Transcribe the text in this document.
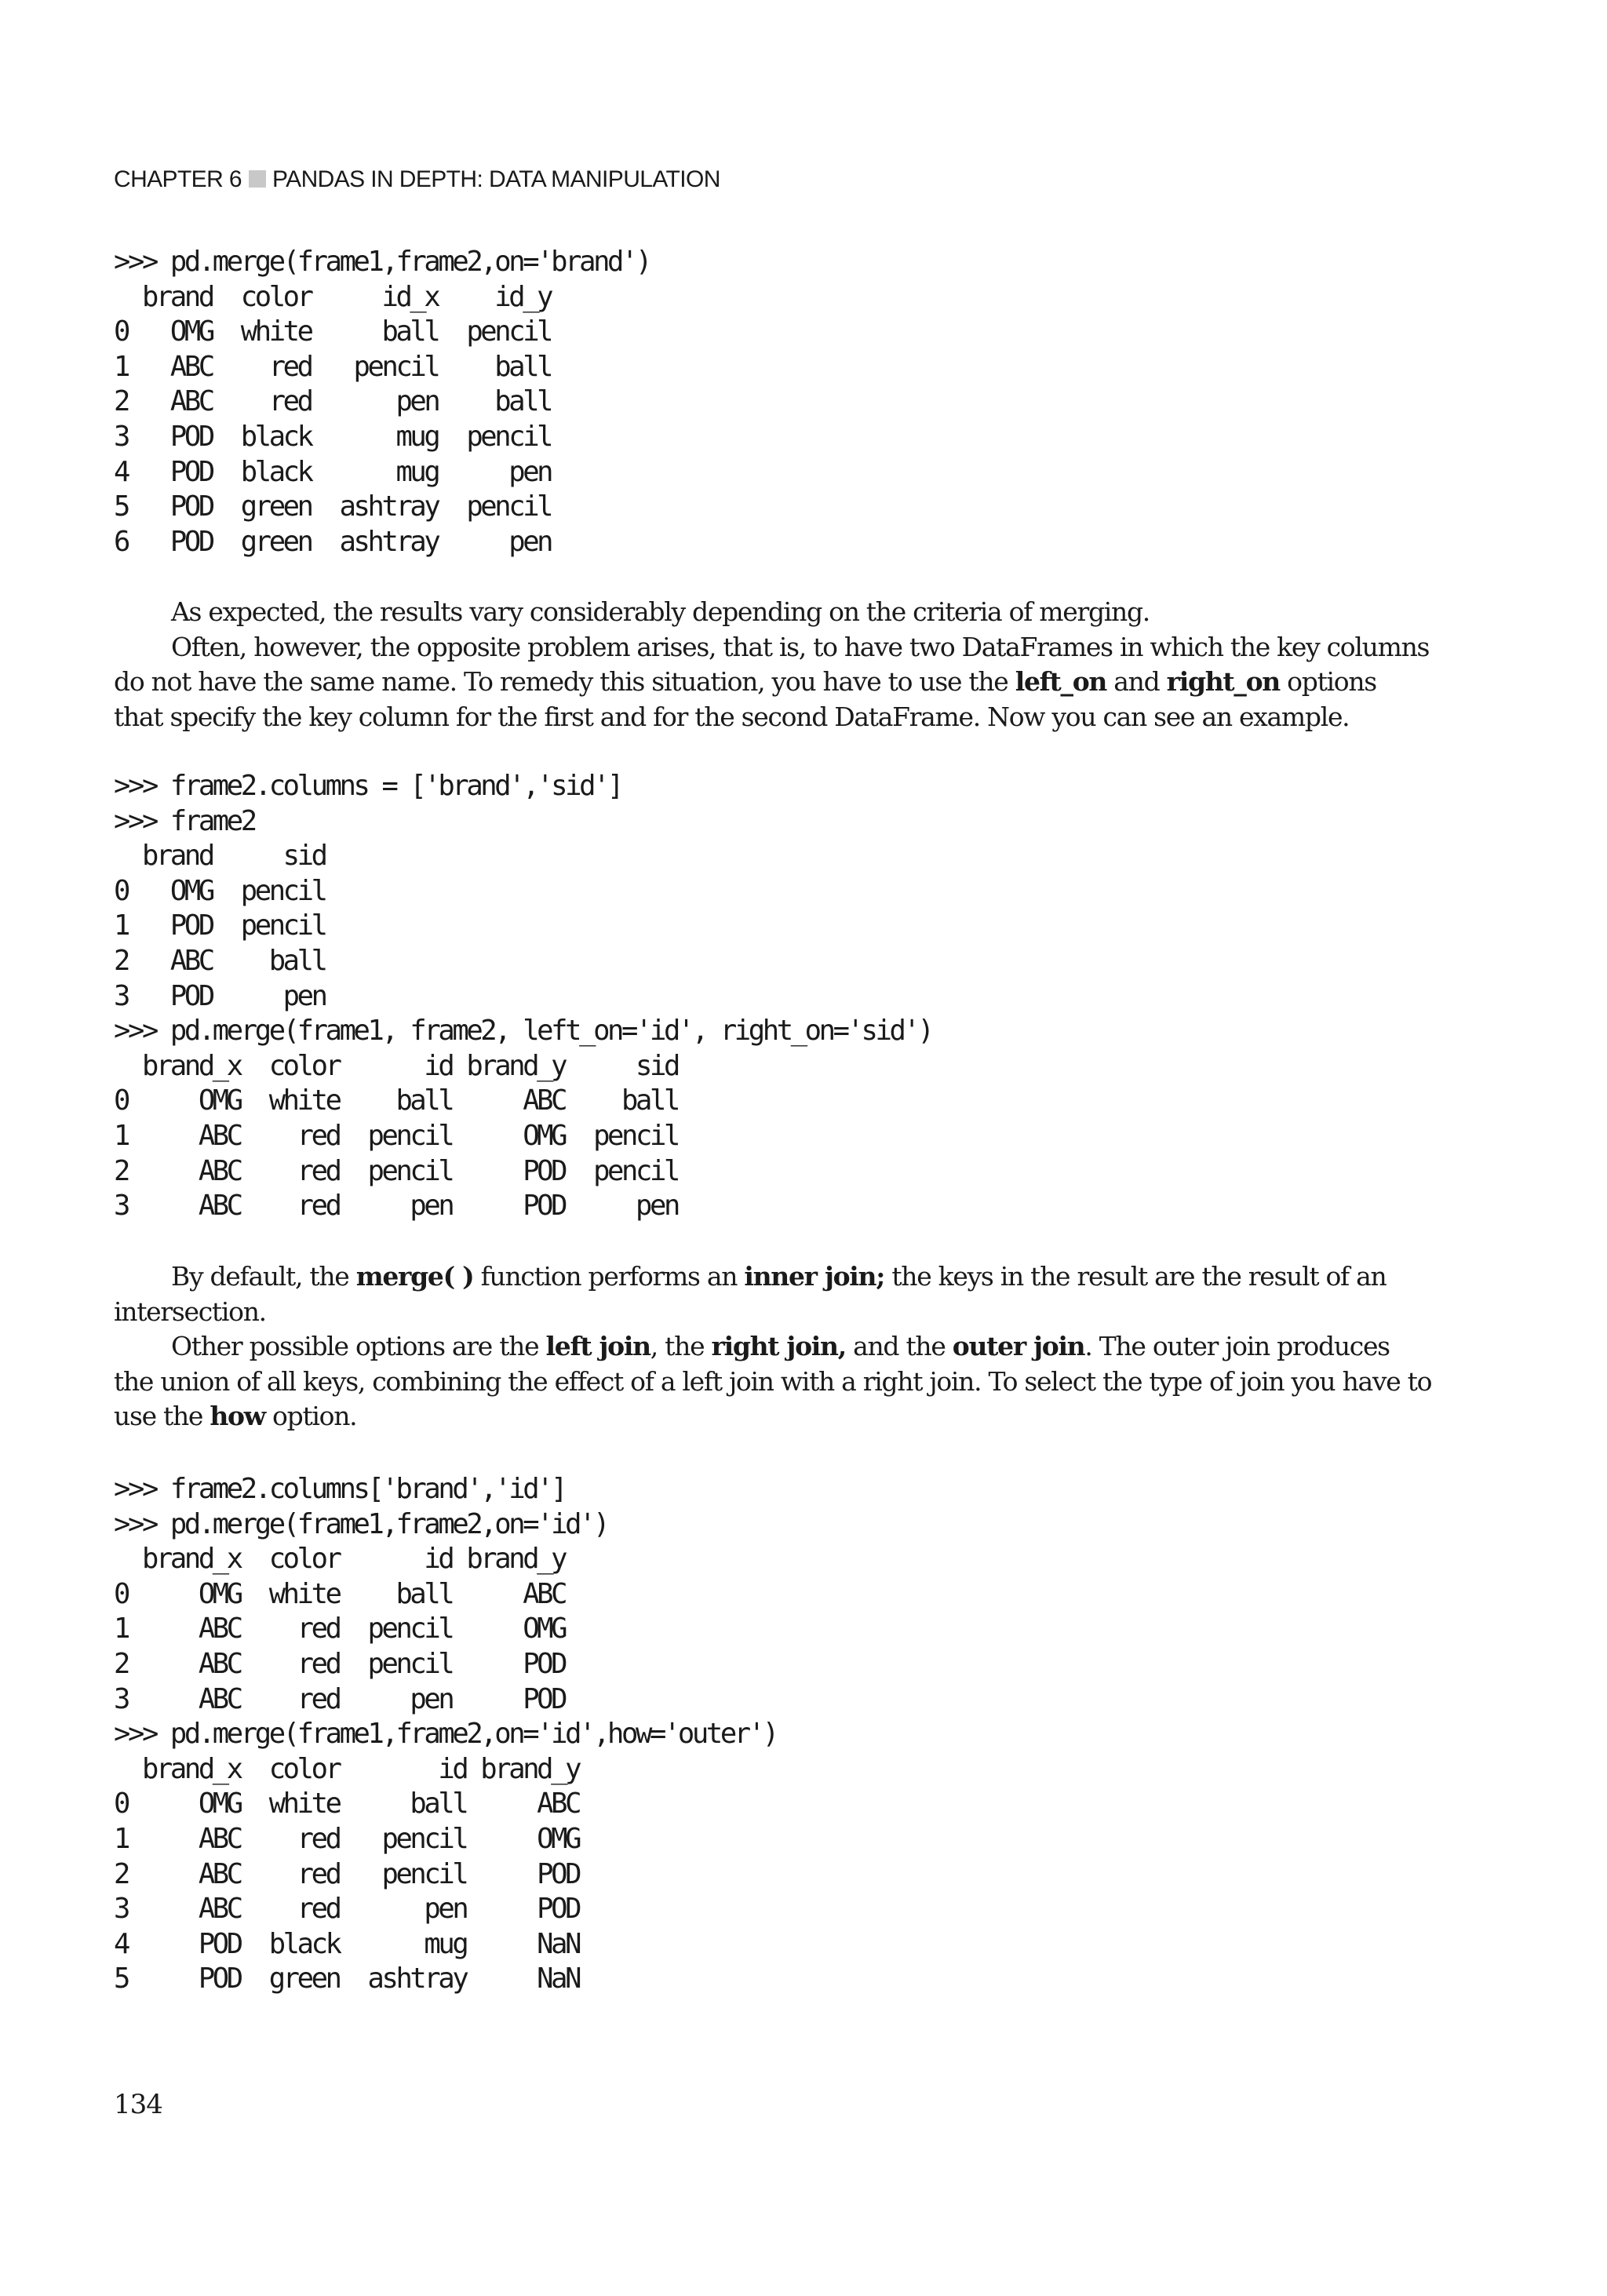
CHAPTER 6 PANDAS IN DEPTH: DATA MANIPULATION
>>> pd.merge(frame1,frame2,on='brand')
brand  color     id_x    id_y
0   OMG  white     ball  pencil
1   ABC    red   pencil    ball
2   ABC    red      pen    ball
3   POD  black      mug  pencil
4   POD  black      mug     pen
5   POD  green  ashtray  pencil
6   POD  green  ashtray     pen

As expected, the results vary considerably depending on the criteria of merging.

Often, however, the opposite problem arises, that is, to have two DataFrames in which the key columns do not have the same name. To remedy this situation, you have to use the left_on and right_on options that specify the key column for the first and for the second DataFrame. Now you can see an example.

>>> frame2.columns = ['brand','sid']
>>> frame2
brand     sid
0   OMG  pencil
1   POD  pencil
2   ABC    ball
3   POD     pen
>>> pd.merge(frame1, frame2, left_on='id', right_on='sid')
brand_x  color      id brand_y     sid
0     OMG  white    ball     ABC    ball
1     ABC    red  pencil     OMG  pencil
2     ABC    red  pencil     POD  pencil
3     ABC    red     pen     POD     pen

By default, the merge( ) function performs an inner join; the keys in the result are the result of an intersection.

Other possible options are the left join, the right join, and the outer join. The outer join produces the union of all keys, combining the effect of a left join with a right join. To select the type of join you have to use the how option.

>>> frame2.columns['brand','id']
>>> pd.merge(frame1,frame2,on='id')
brand_x  color      id brand_y
0     OMG  white    ball     ABC
1     ABC    red  pencil     OMG
2     ABC    red  pencil     POD
3     ABC    red     pen     POD
>>> pd.merge(frame1,frame2,on='id',how='outer')
brand_x  color       id brand_y
0     OMG  white     ball     ABC
1     ABC    red   pencil     OMG
2     ABC    red   pencil     POD
3     ABC    red      pen     POD
4     POD  black      mug     NaN
5     POD  green  ashtray     NaN
134
